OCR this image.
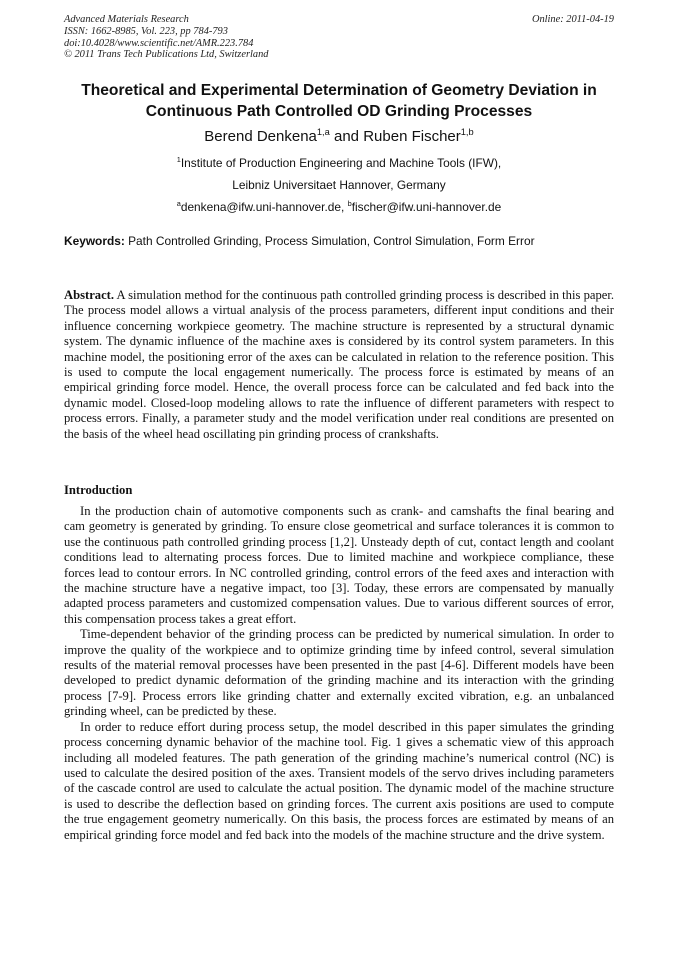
Advanced Materials Research
ISSN: 1662-8985, Vol. 223, pp 784-793
doi:10.4028/www.scientific.net/AMR.223.784
© 2011 Trans Tech Publications Ltd, Switzerland
Online: 2011-04-19
Theoretical and Experimental Determination of Geometry Deviation in Continuous Path Controlled OD Grinding Processes
Berend Denkena$^{1,a}$ and Ruben Fischer$^{1,b}$
$^1$Institute of Production Engineering and Machine Tools (IFW),
Leibniz Universitaet Hannover, Germany
$^a$denkena@ifw.uni-hannover.de, $^b$fischer@ifw.uni-hannover.de
Keywords: Path Controlled Grinding, Process Simulation, Control Simulation, Form Error

Abstract. A simulation method for the continuous path controlled grinding process is described in this paper. The process model allows a virtual analysis of the process parameters, different input conditions and their influence concerning workpiece geometry. The machine structure is represented by a structural dynamic system. The dynamic influence of the machine axes is considered by its control system parameters. In this machine model, the positioning error of the axes can be calculated in relation to the reference position. This is used to compute the local engagement numerically. The process force is estimated by means of an empirical grinding force model. Hence, the overall process force can be calculated and fed back into the dynamic model. Closed-loop modeling allows to rate the influence of different parameters with respect to process errors. Finally, a parameter study and the model verification under real conditions are presented on the basis of the wheel head oscillating pin grinding process of crankshafts.

Introduction

In the production chain of automotive components such as crank- and camshafts the final bearing and cam geometry is generated by grinding. To ensure close geometrical and surface tolerances it is common to use the continuous path controlled grinding process [1,2]. Unsteady depth of cut, contact length and coolant conditions lead to alternating process forces. Due to limited machine and workpiece compliance, these forces lead to contour errors. In NC controlled grinding, control errors of the feed axes and interaction with the machine structure have a negative impact, too [3]. Today, these errors are compensated by manually adapted process parameters and customized compensation values. Due to various different sources of error, this compensation process takes a great effort.

Time-dependent behavior of the grinding process can be predicted by numerical simulation. In order to improve the quality of the workpiece and to optimize grinding time by infeed control, several simulation results of the material removal processes have been presented in the past [4-6]. Different models have been developed to predict dynamic deformation of the grinding machine and its interaction with the grinding process [7-9]. Process errors like grinding chatter and externally excited vibration, e.g. an unbalanced grinding wheel, can be predicted by these.

In order to reduce effort during process setup, the model described in this paper simulates the grinding process concerning dynamic behavior of the machine tool. Fig. 1 gives a schematic view of this approach including all modeled features. The path generation of the grinding machine’s numerical control (NC) is used to calculate the desired position of the axes. Transient models of the servo drives including parameters of the cascade control are used to calculate the actual position. The dynamic model of the machine structure is used to describe the deflection based on grinding forces. The current axis positions are used to compute the true engagement geometry numerically. On this basis, the process forces are estimated by means of an empirical grinding force model and fed back into the models of the machine structure and the drive system.
